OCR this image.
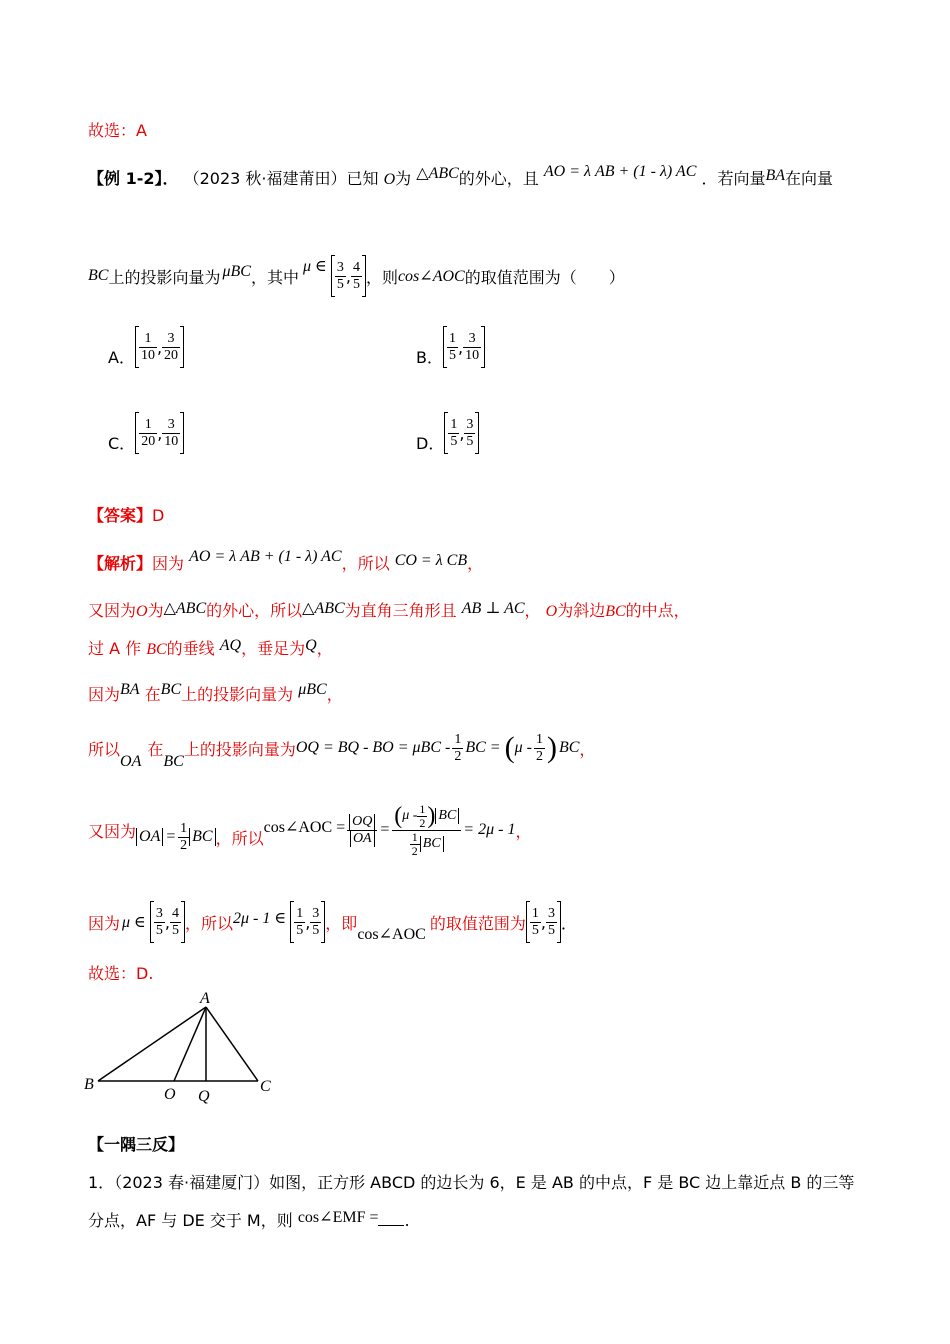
故选：A
【例 1-2】． （2023 秋·福建莆田）已知 O为 △ABC的外心，且 AO = λ AB + (1 - λ) AC ．若向量BA在向量
BC 上的投影向量为 μBC ，其中
μ ∈ $\frac{3}{5}$ , $\frac{4}{5}$ ，则 cos∠AOC 的取值范围为（　　）
A． $\frac{1}{10}$ , $\frac{3}{20}$	B． $\frac{1}{5}$ , $\frac{3}{10}$
C． $\frac{1}{20}$ , $\frac{3}{10}$	D． $\frac{1}{5}$ , $\frac{3}{5}$
【答案】D
【解析】因为 AO = λ AB + (1 - λ) AC，所以 CO = λ CB，
又因为O为△ABC的外心，所以△ABC为直角三角形且 AB ⊥ AC， O为斜边BC的中点，
过 A 作 BC的垂线 AQ，垂足为Q，
因为BA 在BC上的投影向量为 μBC，
所以
OA
在
BC
上的投影向量为 OQ = BQ - BO = μBC - $\frac{1}{2}$ BC = ( μ - $\frac{1}{2}$ ) BC ，
又因为 OA = $\frac{1}{2}$ BC ，所以
cos∠AOC = $\frac{OQ}{OA} = \frac{( \mu - \frac{1}{2} ) BC}{\frac{1}{2} BC} = 2\mu - 1$ ，
因为 μ ∈ $\frac{3}{5}$ , $\frac{4}{5}$ ，所以 2μ - 1 ∈ $\frac{1}{5}$ , $\frac{3}{5}$ ，即
cos∠AOC
的取值范围为 $\frac{1}{5}$ , $\frac{3}{5}$ ．
故选：D.
A
B
O Q
C
【一隅三反】
1．（2023 春·福建厦门）如图，正方形 ABCD 的边长为 6，E 是 AB 的中点，F 是 BC 边上靠近点 B 的三等
分点，AF 与 DE 交于 M，则 cos∠EMF = .
